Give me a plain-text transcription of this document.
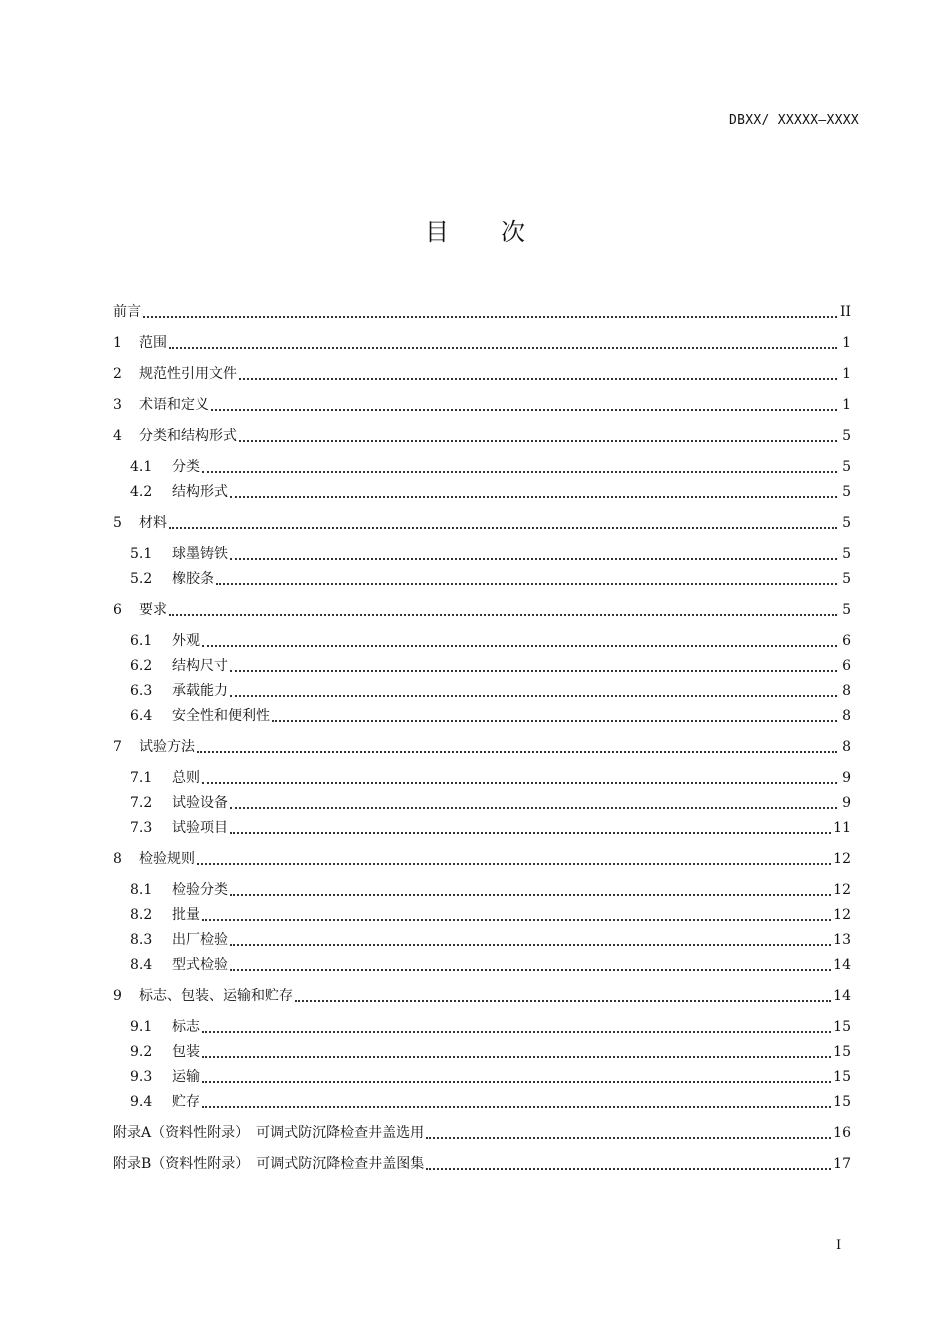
DBXX/ XXXXX—XXXX
目 次
前言	II
1	范围	1
2	规范性引用文件	1
3	术语和定义	1
4	分类和结构形式	5
4.1	分类	5
4.2	结构形式	5
5	材料	5
5.1	球墨铸铁	5
5.2	橡胶条	5
6	要求	5
6.1	外观	6
6.2	结构尺寸	6
6.3	承载能力	8
6.4	安全性和便利性	8
7	试验方法	8
7.1	总则	9
7.2	试验设备	9
7.3	试验项目	11
8	检验规则	12
8.1	检验分类	12
8.2	批量	12
8.3	出厂检验	13
8.4	型式检验	14
9	标志、包装、运输和贮存	14
9.1	标志	15
9.2	包装	15
9.3	运输	15
9.4	贮存	15
附录A（资料性附录）　可调式防沉降检查井盖选用	16
附录B（资料性附录）　可调式防沉降检查井盖图集	17
I
